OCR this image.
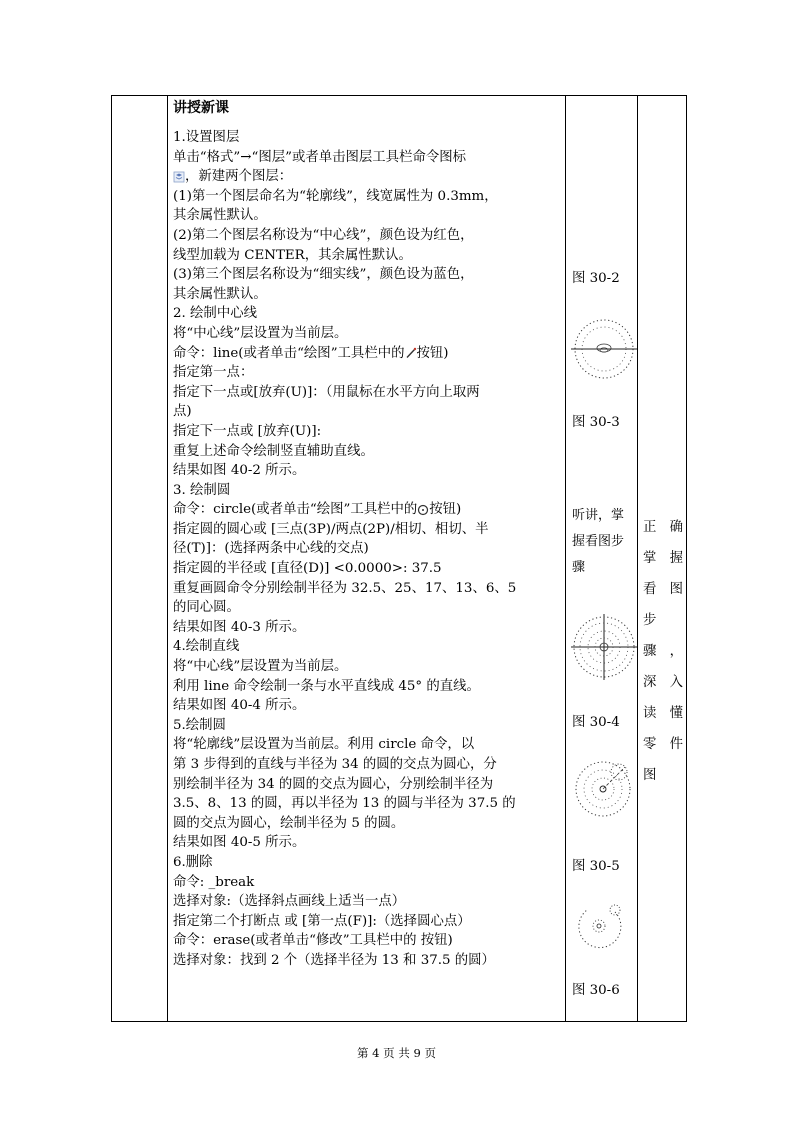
讲授新课
1.设置图层
单击“格式”→“图层”或者单击图层工具栏命令图标
，新建两个图层：
(1)第一个图层命名为“轮廓线”，线宽属性为 0.3mm，
其余属性默认。
(2)第二个图层名称设为“中心线”，颜色设为红色，
线型加载为 CENTER，其余属性默认。
(3)第三个图层名称设为“细实线”，颜色设为蓝色，
其余属性默认。
2. 绘制中心线
将“中心线”层设置为当前层。
命令：line(或者单击“绘图”工具栏中的 按钮)
指定第一点：
指定下一点或[放弃(U)]：（用鼠标在水平方向上取两
点)
指定下一点或 [放弃(U)]:
重复上述命令绘制竖直辅助直线。
结果如图 40-2 所示。
3. 绘制圆
命令：circle(或者单击“绘图”工具栏中的 按钮)
指定圆的圆心或 [三点(3P)/两点(2P)/相切、相切、半
径(T)]：(选择两条中心线的交点)
指定圆的半径或 [直径(D)] <0.0000>: 37.5
重复画圆命令分别绘制半径为 32.5、25、17、13、6、5
的同心圆。
结果如图 40-3 所示。
4.绘制直线
将“中心线”层设置为当前层。
利用 line 命令绘制一条与水平直线成 45° 的直线。
结果如图 40-4 所示。
5.绘制圆
将“轮廓线”层设置为当前层。利用 circle 命令，以
第 3 步得到的直线与半径为 34 的圆的交点为圆心，分
别绘制半径为 34 的圆的交点为圆心，分别绘制半径为
3.5、8、13 的圆，再以半径为 13 的圆与半径为 37.5 的
圆的交点为圆心，绘制半径为 5 的圆。
结果如图 40-5 所示。
6.删除
命令: _break
选择对象:（选择斜点画线上适当一点）
指定第二个打断点 或 [第一点(F)]:（选择圆心点）
命令：erase(或者单击“修改”工具栏中的 按钮)
选择对象：找到 2 个（选择半径为 13 和 37.5 的圆）
图 30-2
图 30-3
听讲，掌
握看图步
骤
图 30-4
图 30-5
图 30-6
正确
掌握
看图
步
骤，
深入
读懂
零件
图
第 4 页 共 9 页
